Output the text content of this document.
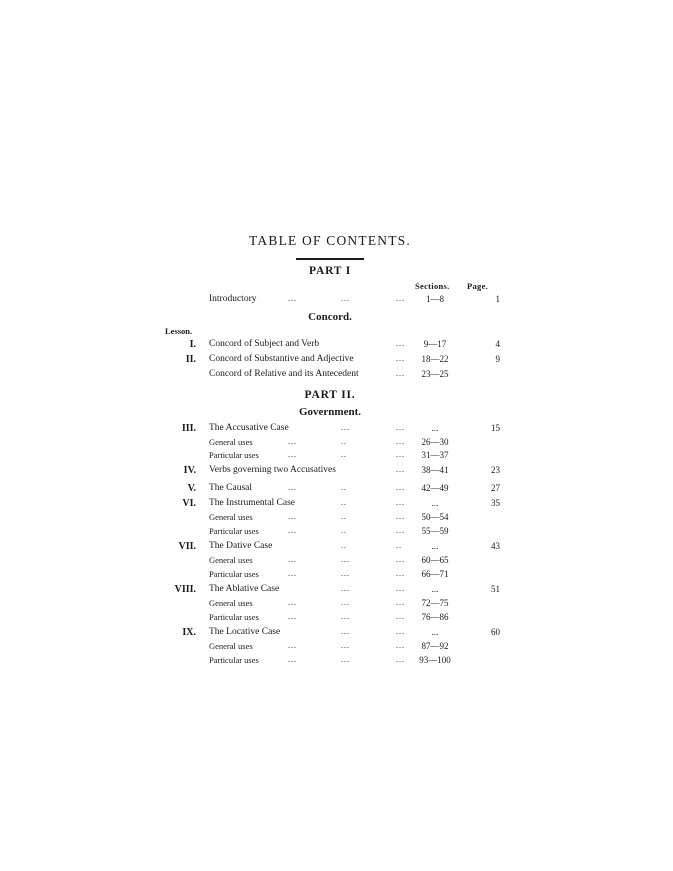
TABLE OF CONTENTS.
PART I
Sections. Page.
Concord.
Lesson.
PART II.
Government.
Introductory	...	...	...	1—8	1
I. Concord of Subject and Verb	...	9—17	4
II. Concord of Substantive and Adjective	...	18—22	9
Concord of Relative and its Antecedent	...	23—25
III. The Accusative Case	...	...	...	15
General uses	...	..	...	26—30
Particular uses	...	..	...	31—37
IV. Verbs governing two Accusatives	...	38—41	23
V. The Causal	...	..	...	42—49	27
VI. The Instrumental Case	..	...	...	35
General uses	...	..	...	50—54
Particular uses	...	..	...	55—59
VII. The Dative Case	..	..	...	43
General uses	...	...	...	60—65
Particular uses	...	...	...	66—71
VIII. The Ablative Case	...	...	...	51
General uses	...	...	...	72—75
Particular uses	...	...	...	76—86
IX. The Locative Case	...	...	...	60
General uses	...	...	...	87—92
Particular uses	...	...	...	93—100
